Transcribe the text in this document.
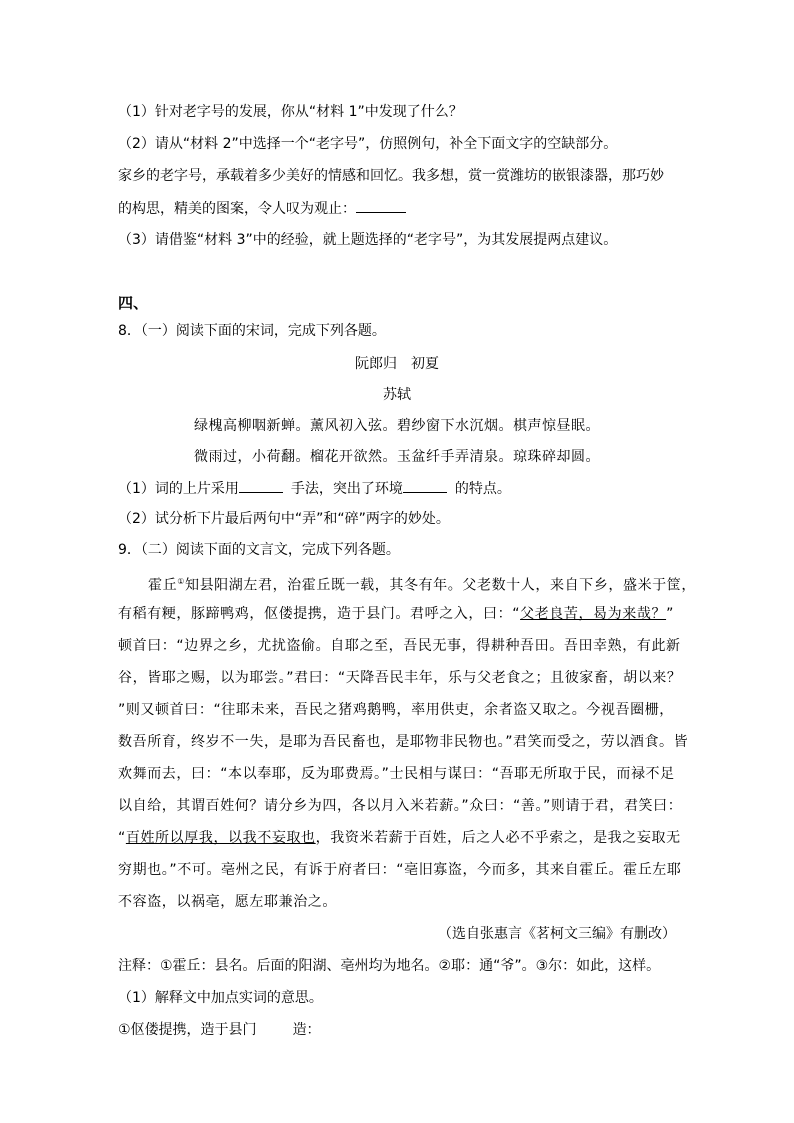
（1）针对老字号的发展，你从“材料 1”中发现了什么？
（2）请从“材料 2”中选择一个“老字号”，仿照例句，补全下面文字的空缺部分。
家乡的老字号，承载着多少美好的情感和回忆。我多想，赏一赏潍坊的嵌银漆器，那巧妙
的构思，精美的图案，令人叹为观止：
（3）请借鉴“材料 3”中的经验，就上题选择的“老字号”，为其发展提两点建议。
四、
8．（一）阅读下面的宋词，完成下列各题。
阮郎归　初夏
苏轼
绿槐高柳咽新蝉。薰风初入弦。碧纱窗下水沉烟。棋声惊昼眠。
微雨过，小荷翻。榴花开欲然。玉盆纤手弄清泉。琼珠碎却圆。
（1）词的上片采用	手法，突出了环境	的特点。
（2）试分析下片最后两句中“弄”和“碎”两字的妙处。
9．（二）阅读下面的文言文，完成下列各题。
霍丘①知县阳湖左君，治霍丘既一载，其冬有年。父老数十人，来自下乡，盛米于筐，
有稻有粳，豚蹄鸭鸡，伛偻提携，造于县门。君呼之入，曰：“父老良苦，曷为来哉？”
顿首曰：“边界之乡，尤扰盗偷。自耶之至，吾民无事，得耕种吾田。吾田幸熟，有此新
谷，皆耶之赐，以为耶尝。”君曰：“天降吾民丰年，乐与父老食之；且彼家畜，胡以来？
”则又顿首曰：“往耶未来，吾民之猪鸡鹅鸭，率用供吏，余者盗又取之。今视吾圈栅，
数吾所育，终岁不一失，是耶为吾民畜也，是耶物非民物也。”君笑而受之，劳以酒食。皆
欢舞而去，曰：“本以奉耶，反为耶费焉。”士民相与谋曰：“吾耶无所取于民，而禄不足
以自给，其谓百姓何？请分乡为四，各以月入米若薪。”众曰：“善。”则请于君，君笑曰：
“百姓所以厚我，以我不妄取也，我资米若薪于百姓，后之人必不乎索之，是我之妄取无
穷期也。”不可。亳州之民，有诉于府者曰：“亳旧寡盗，今而多，其来自霍丘。霍丘左耶
不容盗，以祸亳，愿左耶兼治之。
（选自张惠言《茗柯文三编》有删改）
注释：①霍丘：县名。后面的阳湖、亳州均为地名。②耶：通“爷”。③尔：如此，这样。
（1）解释文中加点实词的意思。
①伛偻提携，造于县门	造：
